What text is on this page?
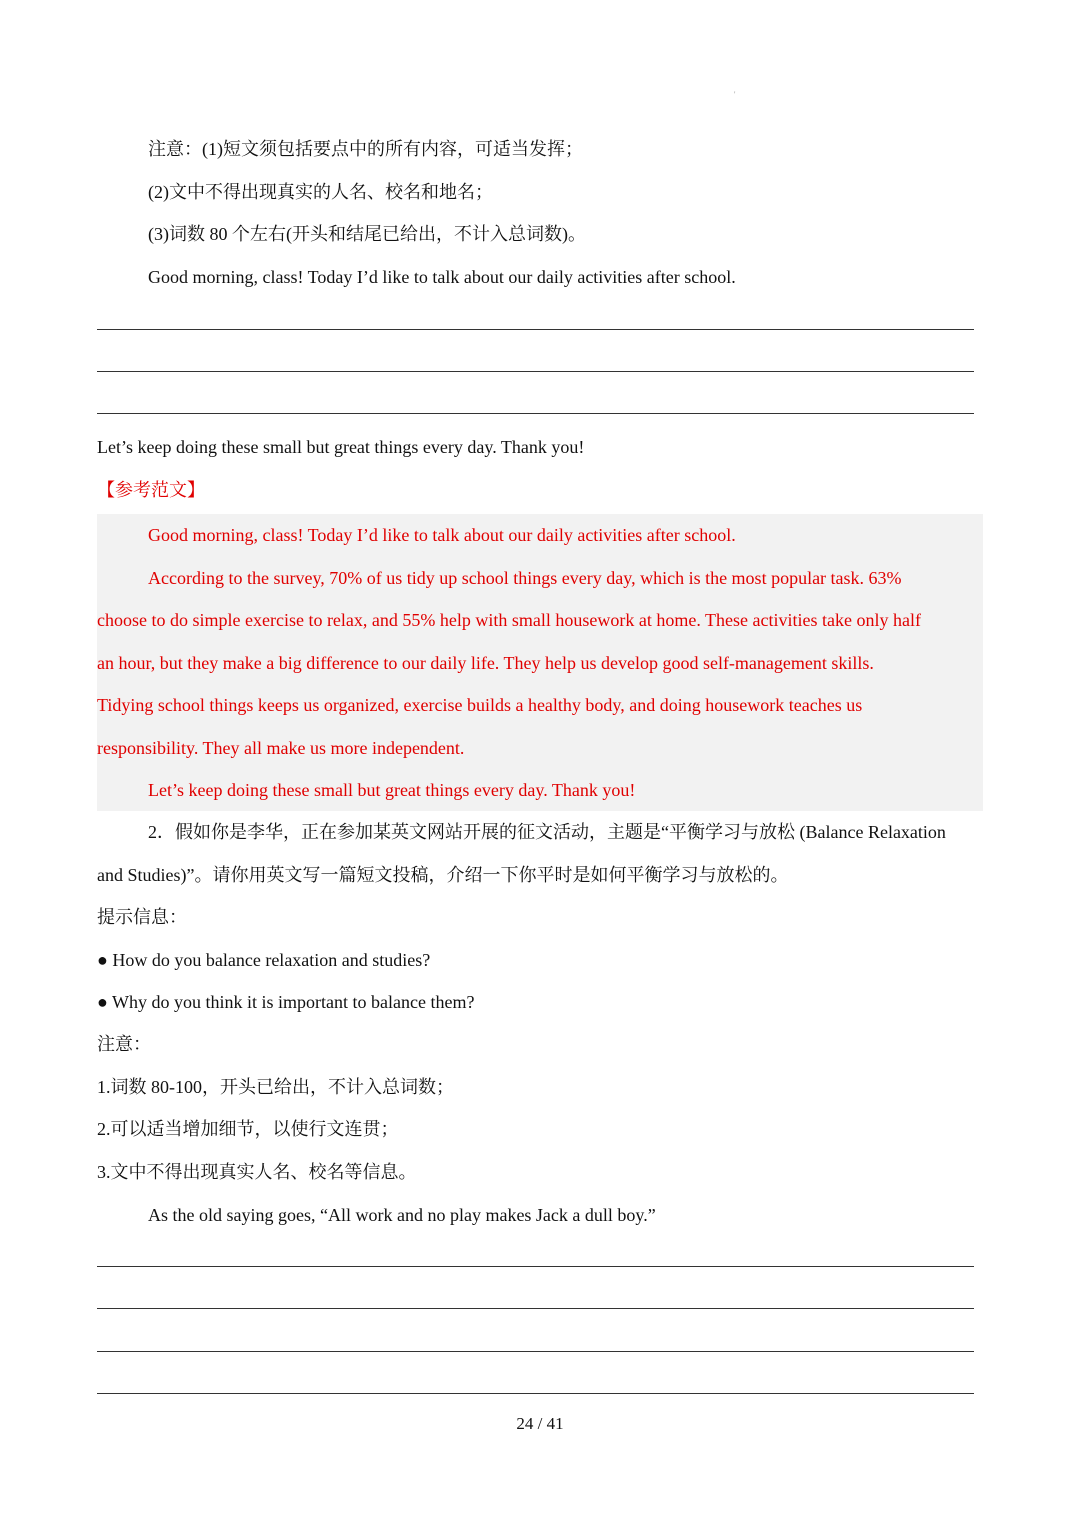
'
注意：(1)短文须包括要点中的所有内容，可适当发挥；
(2)文中不得出现真实的人名、校名和地名；
(3)词数 80 个左右(开头和结尾已给出，不计入总词数)。
Good morning, class! Today I’d like to talk about our daily activities after school.
Let’s keep doing these small but great things every day. Thank you!
【参考范文】
Good morning, class! Today I’d like to talk about our daily activities after school.
According to the survey, 70% of us tidy up school things every day, which is the most popular task. 63%
choose to do simple exercise to relax, and 55% help with small housework at home. These activities take only half
an hour, but they make a big difference to our daily life. They help us develop good self-management skills.
Tidying school things keeps us organized, exercise builds a healthy body, and doing housework teaches us
responsibility. They all make us more independent.
Let’s keep doing these small but great things every day. Thank you!
2．假如你是李华，正在参加某英文网站开展的征文活动，主题是“平衡学习与放松 (Balance Relaxation
and Studies)”。请你用英文写一篇短文投稿，介绍一下你平时是如何平衡学习与放松的。
提示信息：
● How do you balance relaxation and studies?
● Why do you think it is important to balance them?
注意：
1.词数 80-100，开头已给出，不计入总词数；
2.可以适当增加细节，以使行文连贯；
3.文中不得出现真实人名、校名等信息。
As the old saying goes, “All work and no play makes Jack a dull boy.”
24 / 41
